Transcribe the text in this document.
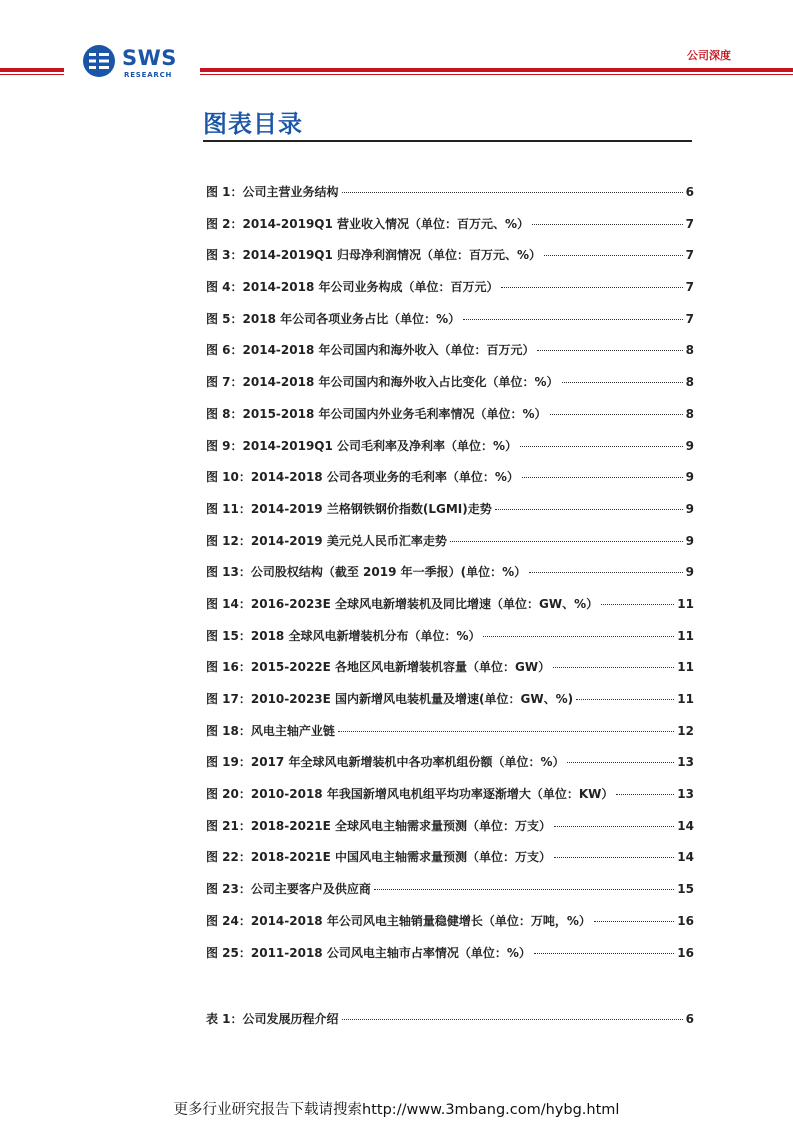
SWS
RESEARCH
公司深度
图表目录
图 1：公司主营业务结构	6
图 2：2014-2019Q1 营业收入情况（单位：百万元、%）	7
图 3：2014-2019Q1 归母净利润情况（单位：百万元、%）	7
图 4：2014-2018 年公司业务构成（单位：百万元）	7
图 5：2018 年公司各项业务占比（单位：%）	7
图 6：2014-2018 年公司国内和海外收入（单位：百万元）	8
图 7：2014-2018 年公司国内和海外收入占比变化（单位：%）	8
图 8：2015-2018 年公司国内外业务毛利率情况（单位：%）	8
图 9：2014-2019Q1 公司毛利率及净利率（单位：%）	9
图 10：2014-2018 公司各项业务的毛利率（单位：%）	9
图 11：2014-2019 兰格钢铁钢价指数(LGMI)走势	9
图 12：2014-2019 美元兑人民币汇率走势	9
图 13：公司股权结构（截至 2019 年一季报）(单位：%）	9
图 14：2016-2023E 全球风电新增装机及同比增速（单位：GW、%）	11
图 15：2018 全球风电新增装机分布（单位：%）	11
图 16：2015-2022E 各地区风电新增装机容量（单位：GW）	11
图 17：2010-2023E 国内新增风电装机量及增速(单位：GW、%)	11
图 18：风电主轴产业链	12
图 19：2017 年全球风电新增装机中各功率机组份额（单位：%）	13
图 20：2010-2018 年我国新增风电机组平均功率逐渐增大（单位：KW）	13
图 21：2018-2021E 全球风电主轴需求量预测（单位：万支）	14
图 22：2018-2021E 中国风电主轴需求量预测（单位：万支）	14
图 23：公司主要客户及供应商	15
图 24：2014-2018 年公司风电主轴销量稳健增长（单位：万吨，%）	16
图 25：2011-2018 公司风电主轴市占率情况（单位：%）	16
表 1：公司发展历程介绍	6
更多行业研究报告下载请搜索http://www.3mbang.com/hybg.html
